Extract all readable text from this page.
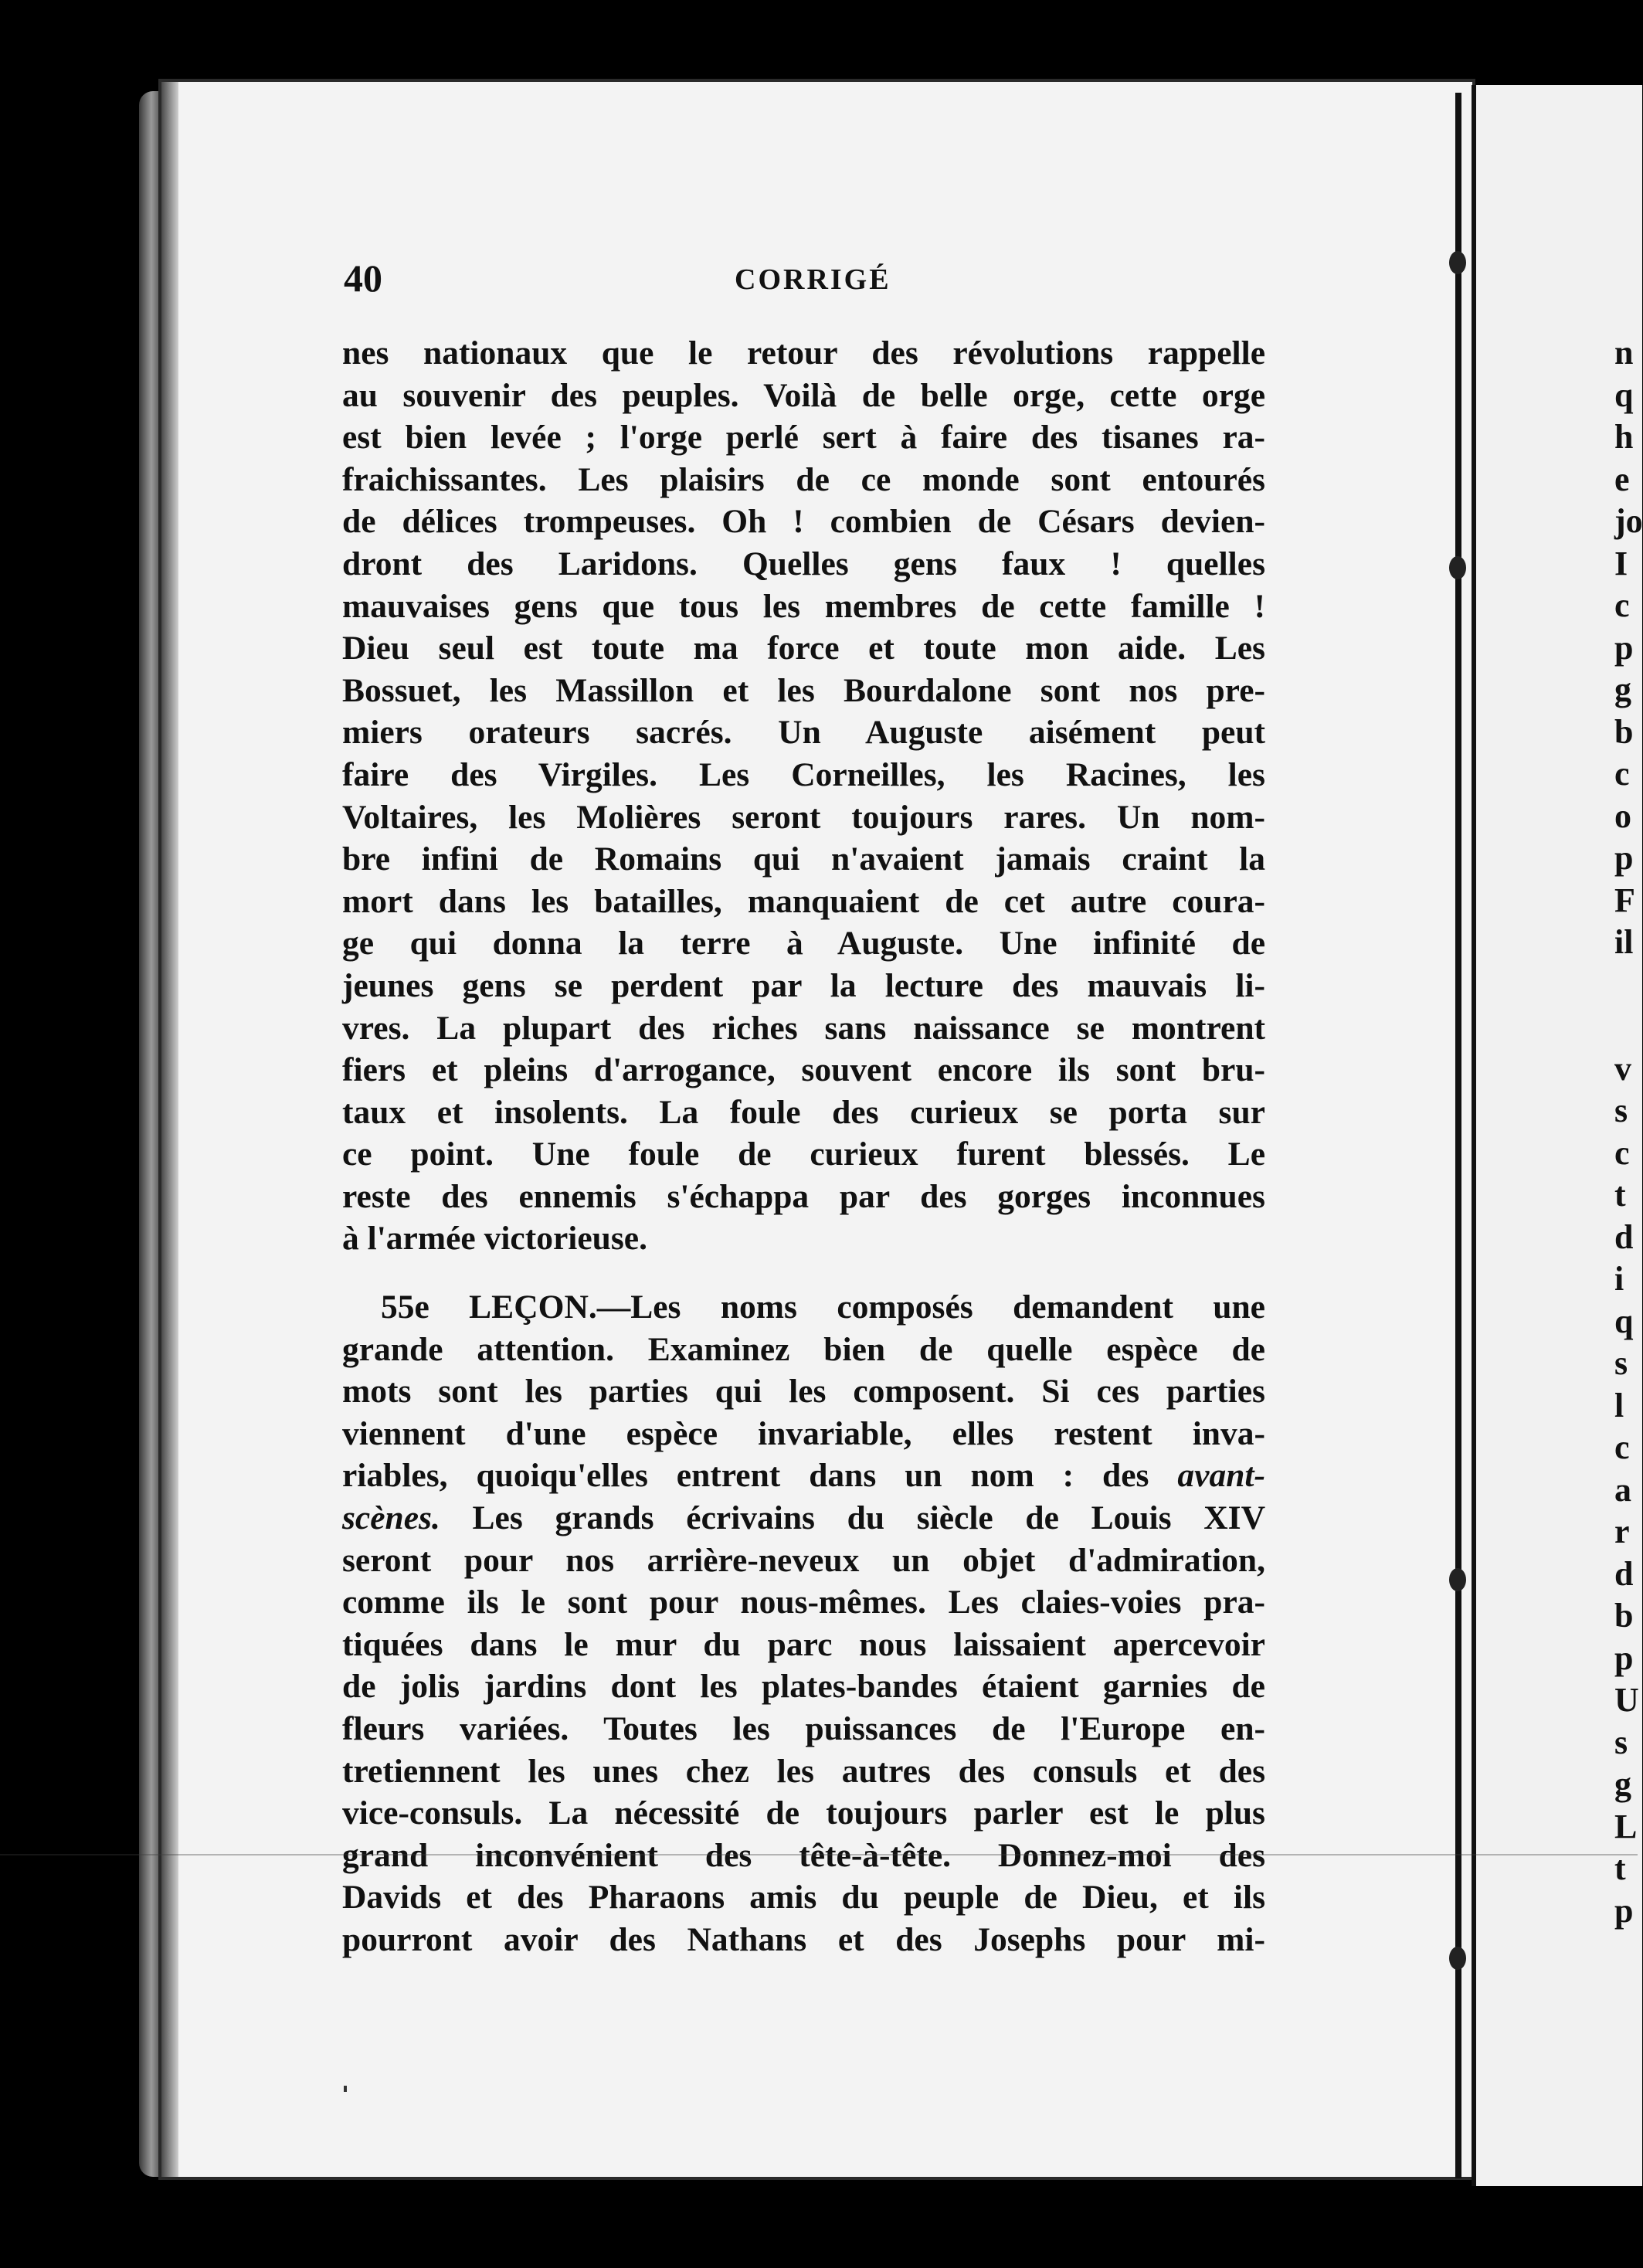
n
q
h
e
jo
I
c
p
g
b
c
o
p
F
il
v
s
c
t
d
i
q
s
l
c
a
r
d
b
p
U
s
g
L
t
p
40	CORRIGÉ
nes nationaux que le retour des révolutions rappelle
au souvenir des peuples. Voilà de belle orge, cette orge
est bien levée ; l'orge perlé sert à faire des tisanes ra-
fraichissantes. Les plaisirs de ce monde sont entourés
de délices trompeuses. Oh ! combien de Césars devien-
dront des Laridons. Quelles gens faux ! quelles
mauvaises gens que tous les membres de cette famille !
Dieu seul est toute ma force et toute mon aide. Les
Bossuet, les Massillon et les Bourdalone sont nos pre-
miers orateurs sacrés. Un Auguste aisément peut
faire des Virgiles. Les Corneilles, les Racines, les
Voltaires, les Molières seront toujours rares. Un nom-
bre infini de Romains qui n'avaient jamais craint la
mort dans les batailles, manquaient de cet autre coura-
ge qui donna la terre à Auguste. Une infinité de
jeunes gens se perdent par la lecture des mauvais li-
vres. La plupart des riches sans naissance se montrent
fiers et pleins d'arrogance, souvent encore ils sont bru-
taux et insolents. La foule des curieux se porta sur
ce point. Une foule de curieux furent blessés. Le
reste des ennemis s'échappa par des gorges inconnues
à l'armée victorieuse.
55e LEÇON.—Les noms composés demandent une
grande attention. Examinez bien de quelle espèce de
mots sont les parties qui les composent. Si ces parties
viennent d'une espèce invariable, elles restent inva-
riables, quoiqu'elles entrent dans un nom : des avant-
scènes. Les grands écrivains du siècle de Louis XIV
seront pour nos arrière-neveux un objet d'admiration,
comme ils le sont pour nous-mêmes. Les claies-voies pra-
tiquées dans le mur du parc nous laissaient apercevoir
de jolis jardins dont les plates-bandes étaient garnies de
fleurs variées. Toutes les puissances de l'Europe en-
tretiennent les unes chez les autres des consuls et des
vice-consuls. La nécessité de toujours parler est le plus
grand inconvénient des tête-à-tête. Donnez-moi des
Davids et des Pharaons amis du peuple de Dieu, et ils
pourront avoir des Nathans et des Josephs pour mi-
